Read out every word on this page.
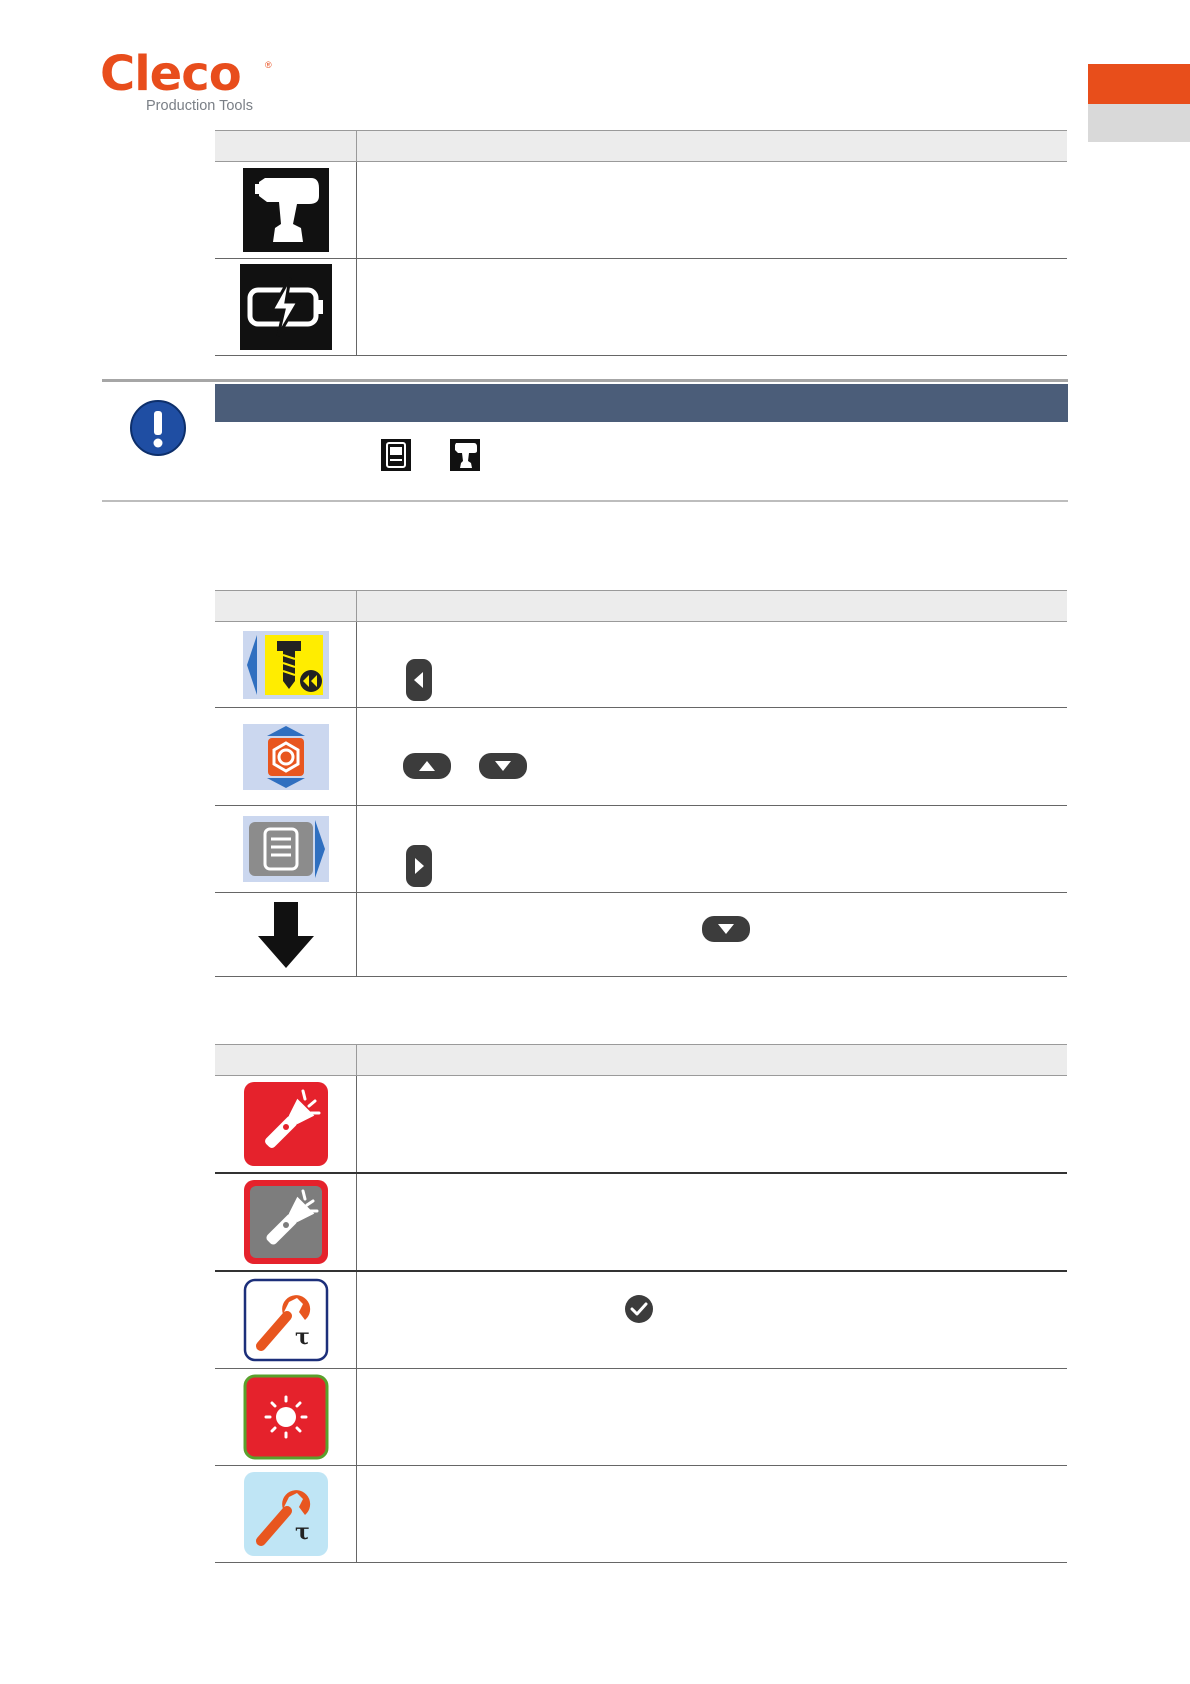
Cleco	®
Production Tools
τ
τ
